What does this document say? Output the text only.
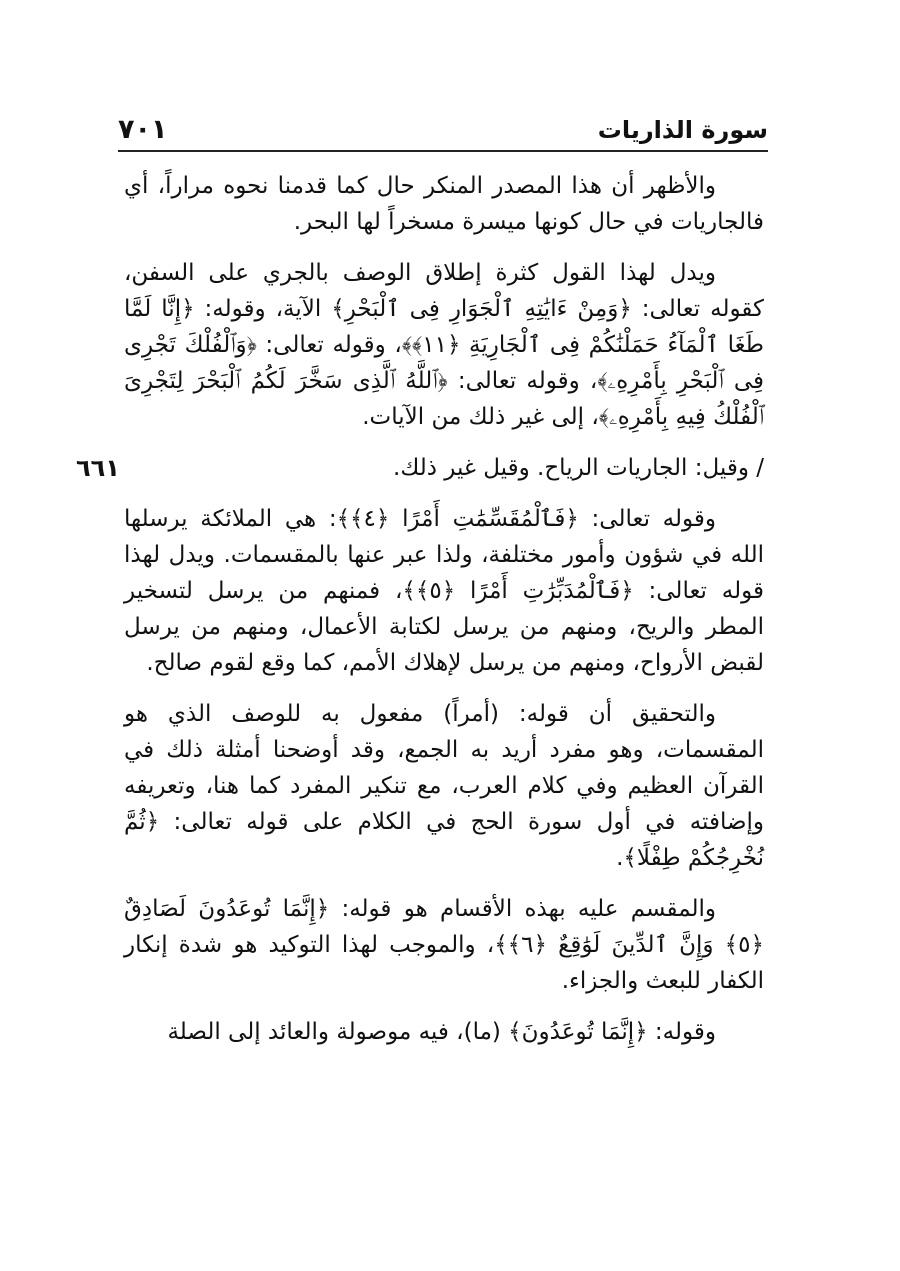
سورة الذاريات
٧٠١

والأظهر أن هذا المصدر المنكر حال كما قدمنا نحوه مراراً، أي فالجاريات في حال كونها ميسرة مسخراً لها البحر.

ويدل لهذا القول كثرة إطلاق الوصف بالجري على السفن، كقوله تعالى: ﴿وَمِنْ ءَايَٰتِهِ ٱلْجَوَارِ فِى ٱلْبَحْرِ﴾ الآية، وقوله: ﴿إِنَّا لَمَّا طَغَا ٱلْمَآءُ حَمَلْنَٰكُمْ فِى ٱلْجَارِيَةِ ﴿١١﴾﴾، وقوله تعالى: ﴿وَٱلْفُلْكَ تَجْرِى فِى ٱلْبَحْرِ بِأَمْرِهِۦ﴾، وقوله تعالى: ﴿ٱللَّهُ ٱلَّذِى سَخَّرَ لَكُمُ ٱلْبَحْرَ لِتَجْرِىَ ٱلْفُلْكُ فِيهِ بِأَمْرِهِۦ﴾، إلى غير ذلك من الآيات.

/ وقيل: الجاريات الرياح. وقيل غير ذلك.
٦٦١

وقوله تعالى: ﴿فَٱلْمُقَسِّمَٰتِ أَمْرًا ﴿٤﴾﴾: هي الملائكة يرسلها الله في شؤون وأمور مختلفة، ولذا عبر عنها بالمقسمات. ويدل لهذا قوله تعالى: ﴿فَٱلْمُدَبِّرَٰتِ أَمْرًا ﴿٥﴾﴾، فمنهم من يرسل لتسخير المطر والريح، ومنهم من يرسل لكتابة الأعمال، ومنهم من يرسل لقبض الأرواح، ومنهم من يرسل لإهلاك الأمم، كما وقع لقوم صالح.

والتحقيق أن قوله: (أمراً) مفعول به للوصف الذي هو المقسمات، وهو مفرد أريد به الجمع، وقد أوضحنا أمثلة ذلك في القرآن العظيم وفي كلام العرب، مع تنكير المفرد كما هنا، وتعريفه وإضافته في أول سورة الحج في الكلام على قوله تعالى: ﴿ثُمَّ نُخْرِجُكُمْ طِفْلًا﴾.

والمقسم عليه بهذه الأقسام هو قوله: ﴿إِنَّمَا تُوعَدُونَ لَصَادِقٌ ﴿٥﴾ وَإِنَّ ٱلدِّينَ لَوَٰقِعٌ ﴿٦﴾﴾، والموجب لهذا التوكيد هو شدة إنكار الكفار للبعث والجزاء.

وقوله: ﴿إِنَّمَا تُوعَدُونَ﴾ (ما)، فيه موصولة والعائد إلى الصلة
